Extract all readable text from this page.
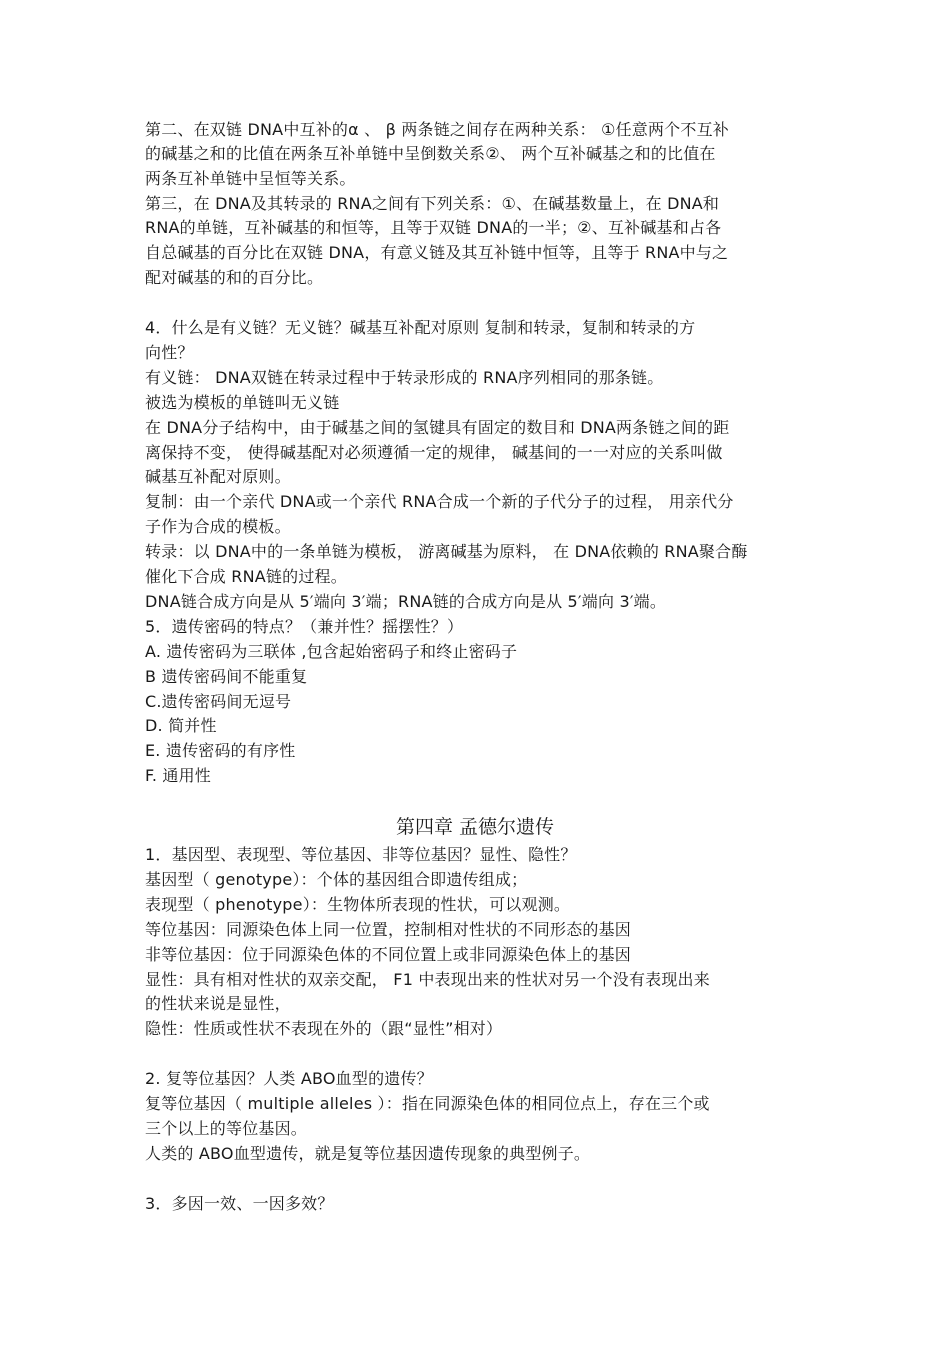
第二、在双链 DNA中互补的α 、 β 两条链之间存在两种关系： ①任意两个不互补
的碱基之和的比值在两条互补单链中呈倒数关系②、 两个互补碱基之和的比值在
两条互补单链中呈恒等关系。
第三，在 DNA及其转录的 RNA之间有下列关系：①、在碱基数量上，在 DNA和
RNA的单链，互补碱基的和恒等，且等于双链 DNA的一半；②、互补碱基和占各
自总碱基的百分比在双链 DNA，有意义链及其互补链中恒等，且等于 RNA中与之
配对碱基的和的百分比。
4．什么是有义链？无义链？碱基互补配对原则 复制和转录，复制和转录的方
向性？
有义链： DNA双链在转录过程中于转录形成的 RNA序列相同的那条链。
被选为模板的单链叫无义链
在 DNA分子结构中，由于碱基之间的氢键具有固定的数目和 DNA两条链之间的距
离保持不变， 使得碱基配对必须遵循一定的规律， 碱基间的一一对应的关系叫做
碱基互补配对原则。
复制：由一个亲代 DNA或一个亲代 RNA合成一个新的子代分子的过程， 用亲代分
子作为合成的模板。
转录：以 DNA中的一条单链为模板， 游离碱基为原料， 在 DNA依赖的 RNA聚合酶
催化下合成 RNA链的过程。
DNA链合成方向是从 5′端向 3′端；RNA链的合成方向是从 5′端向 3′端。
5．遗传密码的特点？（兼并性？摇摆性？）
A. 遗传密码为三联体 ,包含起始密码子和终止密码子
B 遗传密码间不能重复
C.遗传密码间无逗号
D. 简并性
E. 遗传密码的有序性
F. 通用性
第四章 孟德尔遗传
1．基因型、表现型、等位基因、非等位基因？显性、隐性？
基因型（ genotype）：个体的基因组合即遗传组成；
表现型（ phenotype）：生物体所表现的性状，可以观测。
等位基因：同源染色体上同一位置，控制相对性状的不同形态的基因
非等位基因：位于同源染色体的不同位置上或非同源染色体上的基因
显性：具有相对性状的双亲交配， F1 中表现出来的性状对另一个没有表现出来
的性状来说是显性，
隐性：性质或性状不表现在外的（跟“显性”相对）
2. 复等位基因？人类 ABO血型的遗传？
复等位基因（ multiple alleles ）：指在同源染色体的相同位点上，存在三个或
三个以上的等位基因。
人类的 ABO血型遗传，就是复等位基因遗传现象的典型例子。
3．多因一效、一因多效？
